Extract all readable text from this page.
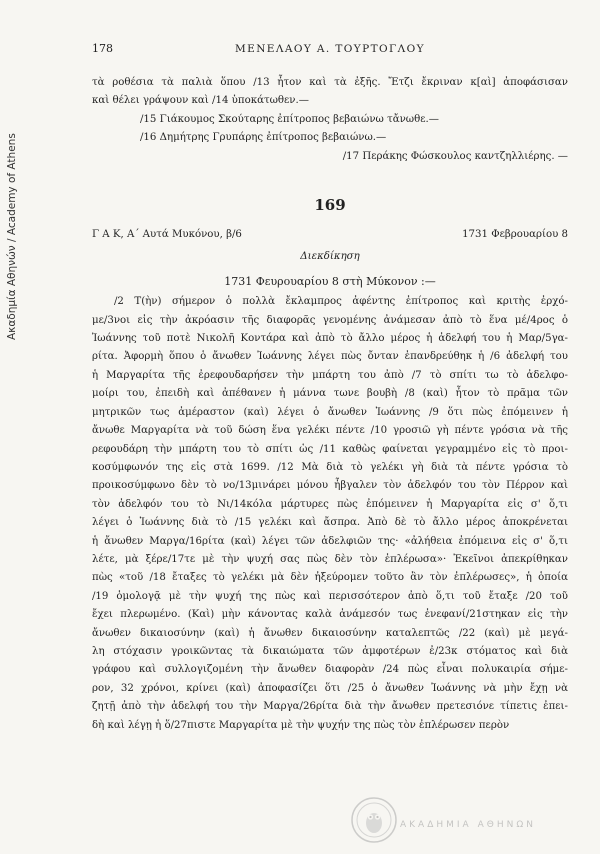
Ακαδημία Αθηνών / Academy of Athens
178	ΜΕΝΕΛΑΟΥ Α. ΤΟΥΡΤΟΓΛΟΥ
τὰ ροθέσια τὰ παλιὰ ὅπου /13 ἦτον καὶ τὰ ἐξῆς. Ἔτζι ἔκριναν κ[αὶ] ἀποφάσισαν
καὶ θέλει γράψουν καὶ /14 ὑποκάτωθεν.—
/15 Γιάκουμος Σκούταρης ἐπίτροπος βεβαιώνω τἄνωθε.—
/16 Δημήτρης Γρυπάρης ἐπίτροπος βεβαιώνω.—
/17 Περάκης Φώσκουλος καντζηλλιέρης. —
169
Γ Α Κ, Α΄ Αυτά Μυκόνου, β/6	1731 Φεβρουαρίου 8
Διεκδίκηση
1731 Φευρουαρίου 8 στὴ Μύκονον :—
/2 Τ(ὴν) σήμερον ὁ πολλὰ ἔκλαμπρος ἀφέντης ἐπίτροπος καὶ κριτὴς ἐρχό-
με/3νοι εἰς τὴν ἀκρόασιν τῆς διαφορᾶς γενομένης ἀνάμεσαν ἀπὸ τὸ ἕνα μέ/4ρος ὁ
Ἰωάννης τοῦ ποτὲ Νικολῆ Κοντάρα καὶ ἀπὸ τὸ ἄλλο μέρος ἡ ἀδελφή του ἡ Μαρ/5γα-
ρίτα. Ἀφορμὴ ὅπου ὁ ἄνωθεν Ἰωάννης λέγει πὼς ὄνταν ἐπανδρεύθηκ ἡ /6 ἀδελφή του
ἡ Μαργαρίτα τῆς ἐρεφουδαρήσεν τὴν μπάρτη του ἀπὸ /7 τὸ σπίτι τω τὸ ἀδελφο-
μοίρι του, ἐπειδὴ καὶ ἀπέθανεν ἡ μάννα τωνε βουβὴ /8 (καὶ) ἦτον τὸ πρᾶμα τῶν
μητρικῶν τως ἀμέραστον (καὶ) λέγει ὁ ἄνωθεν Ἰωάννης /9 ὅτι πὼς ἐπόμεινεν ἡ
ἄνωθε Μαργαρίτα νὰ τοῦ δώση ἕνα γελέκι πέντε /10 γροσιῶ γὴ πέντε γρόσια νὰ τῆς
ρεφουδάρη τὴν μπάρτη του τὸ σπίτι ὡς /11 καθὼς φαίνεται γεγραμμένο εἰς τὸ προι-
κοσύμφωνόν της εἰς στὰ 1699. /12 Μὰ διὰ τὸ γελέκι γὴ διὰ τὰ πέντε γρόσια τὸ
προικοσύμφωνο δὲν τὸ νο/13μινάρει μόνου ἦβγαλεν τὸν ἀδελφόν του τὸν Πέρρον καὶ
τὸν ἀδελφόν του τὸ Νι/14κόλα μάρτυρες πὼς ἐπόμεινεν ἡ Μαργαρίτα εἰς σ' ὅ,τι
λέγει ὁ Ἰωάννης διὰ τὸ /15 γελέκι καὶ ἄσπρα. Ἀπὸ δὲ τὸ ἄλλο μέρος ἀποκρένεται
ἡ ἄνωθεν Μαργα/16ρίτα (καὶ) λέγει τῶν ἀδελφιῶν της· «ἀλήθεια ἐπόμεινα εἰς σ' ὅ,τι
λέτε, μὰ ξέρε/17τε μὲ τὴν ψυχή σας πὼς δὲν τὸν ἐπλέρωσα»· Ἐκεῖνοι ἀπεκρίθηκαν
πὼς «τοῦ /18 ἔταξες τὸ γελέκι μὰ δὲν ἠξεύρομεν τοῦτο ἂν τὸν ἐπλέρωσες», ἡ ὁποία
/19 ὁμολογᾷ μὲ τὴν ψυχή της πὼς καὶ περισσότερον ἀπὸ ὅ,τι τοῦ ἔταξε /20 τοῦ
ἔχει πλερωμένο. (Καὶ) μὴν κάνοντας καλὰ ἀνάμεσόν τως ἐνεφανί/21στηκαν εἰς τὴν
ἄνωθεν δικαιοσύνην (καὶ) ἡ ἄνωθεν δικαιοσύνην καταλεπτῶς /22 (καὶ) μὲ μεγά-
λη στόχασιν γροικῶντας τὰ δικαιώματα τῶν ἀμφοτέρων ἐ/23κ στόματος καὶ διὰ
γράφου καὶ συλλογιζομένη τὴν ἄνωθεν διαφορὰν /24 πὼς εἶναι πολυκαιρία σήμε-
ρον, 32 χρόνοι, κρίνει (καὶ) ἀποφασίζει ὅτι /25 ὁ ἄνωθεν Ἰωάννης νὰ μὴν ἔχῃ νὰ
ζητῇ ἀπὸ τὴν ἀδελφή του τὴν Μαργα/26ρίτα διὰ τὴν ἄνωθεν πρετεσιόνε τίπετις ἐπει-
δὴ καὶ λέγῃ ἡ ὅ/27πιστε Μαργαρίτα μὲ τὴν ψυχήν της πὼς τὸν ἐπλέρωσεν περὸν
ΑΚΑΔΗΜΙΑ ΑΘΗΝΩΝ
